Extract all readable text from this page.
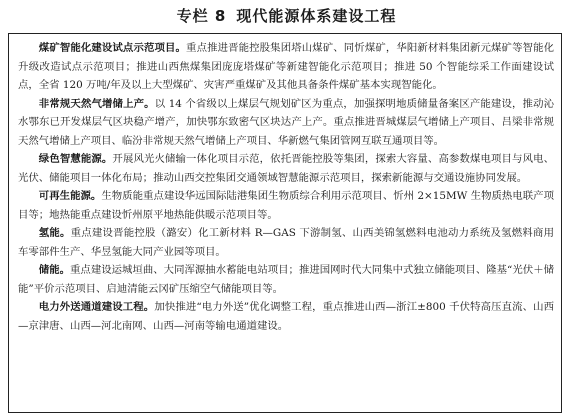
专栏 8 现代能源体系建设工程

煤矿智能化建设试点示范项目。重点推进晋能控股集团塔山煤矿、同忻煤矿，华阳新材料集团新元煤矿等智能化升级改造试点示范项目；推进山西焦煤集团庞庞塔煤矿等新建智能化示范项目；推进 50 个智能综采工作面建设试点，全省 120 万吨/年及以上大型煤矿、灾害严重煤矿及其他具备条件煤矿基本实现智能化。

非常规天然气增储上产。以 14 个省级以上煤层气规划矿区为重点，加强探明地质储量备案区产能建设，推动沁水鄂东已开发煤层气区块稳产增产，加快鄂东致密气区块达产上产。重点推进晋城煤层气增储上产项目、吕梁非常规天然气增储上产项目、临汾非常规天然气增储上产项目、华新燃气集团管网互联互通项目等。

绿色智慧能源。开展风光火储输一体化项目示范，依托晋能控股等集团，探索大容量、高参数煤电项目与风电、光伏、储能项目一体化布局；推动山西交控集团交通领域智慧能源示范项目，探索新能源与交通设施协同发展。

可再生能源。生物质能重点建设华远国际陆港集团生物质综合利用示范项目、忻州 2×15MW 生物质热电联产项目等；地热能重点建设忻州原平地热能供暖示范项目等。

氢能。重点建设晋能控股（潞安）化工新材料 R—GAS 下游制氢、山西美锦氢燃料电池动力系统及氢燃料商用车零部件生产、华昱氢能大同产业园等项目。

储能。重点建设运城垣曲、大同浑源抽水蓄能电站项目；推进国网时代大同集中式独立储能项目、隆基“光伏＋储能”平价示范项目、启迪清能云冈矿压缩空气储能项目等。

电力外送通道建设工程。加快推进“电力外送”优化调整工程，重点推进山西—浙江±800 千伏特高压直流、山西—京津唐、山西—河北南网、山西—河南等输电通道建设。
